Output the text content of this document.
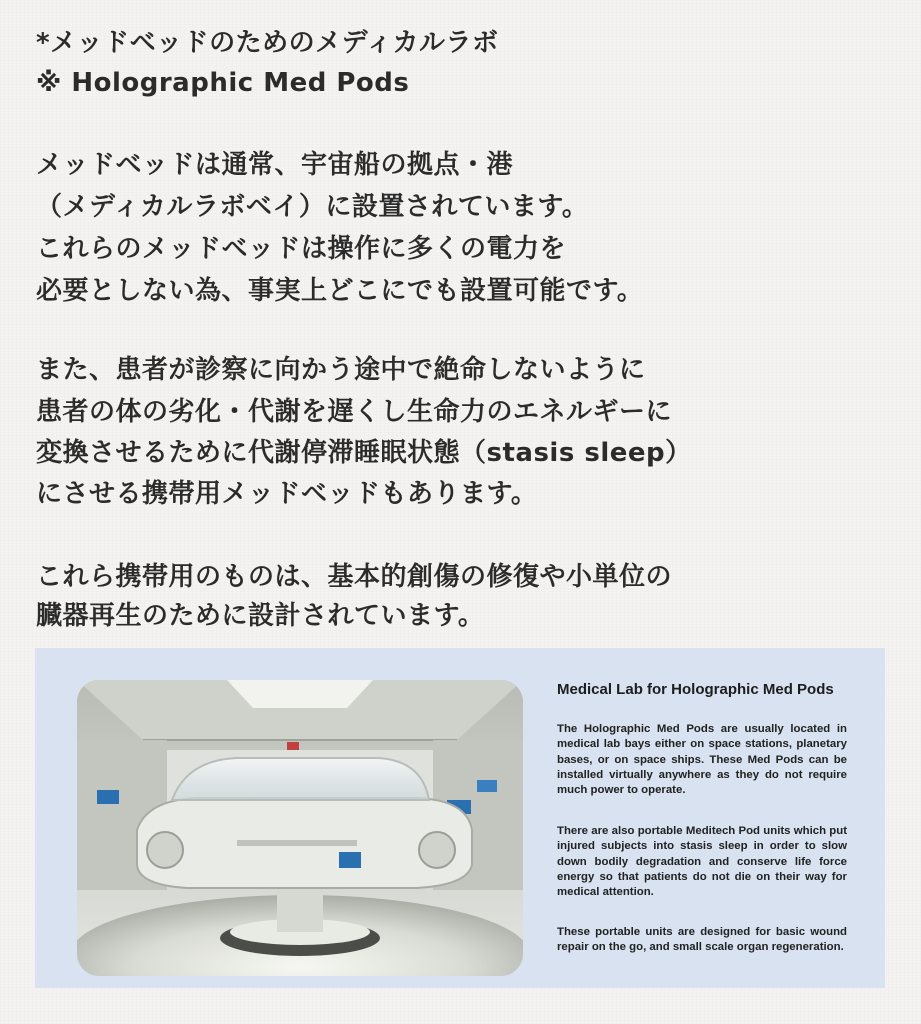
*メッドベッドのためのメディカルラボ
※ Holographic Med Pods
メッドベッドは通常、宇宙船の拠点・港
（メディカルラボベイ）に設置されています。
これらのメッドベッドは操作に多くの電力を
必要としない為、事実上どこにでも設置可能です。
また、患者が診察に向かう途中で絶命しないように
患者の体の劣化・代謝を遅くし生命力のエネルギーに
変換させるために代謝停滞睡眠状態（stasis sleep）
にさせる携帯用メッドベッドもあります。
これら携帯用のものは、基本的創傷の修復や小単位の
臓器再生のために設計されています。
Medical Lab for Holographic Med Pods
The Holographic Med Pods are usually located in medical lab bays either on space stations, planetary bases, or on space ships. These Med Pods can be installed virtually anywhere as they do not require much power to operate.
There are also portable Meditech Pod units which put injured subjects into stasis sleep in order to slow down bodily degradation and conserve life force energy so that patients do not die on their way for medical attention.
These portable units are designed for basic wound repair on the go, and small scale organ regeneration.
